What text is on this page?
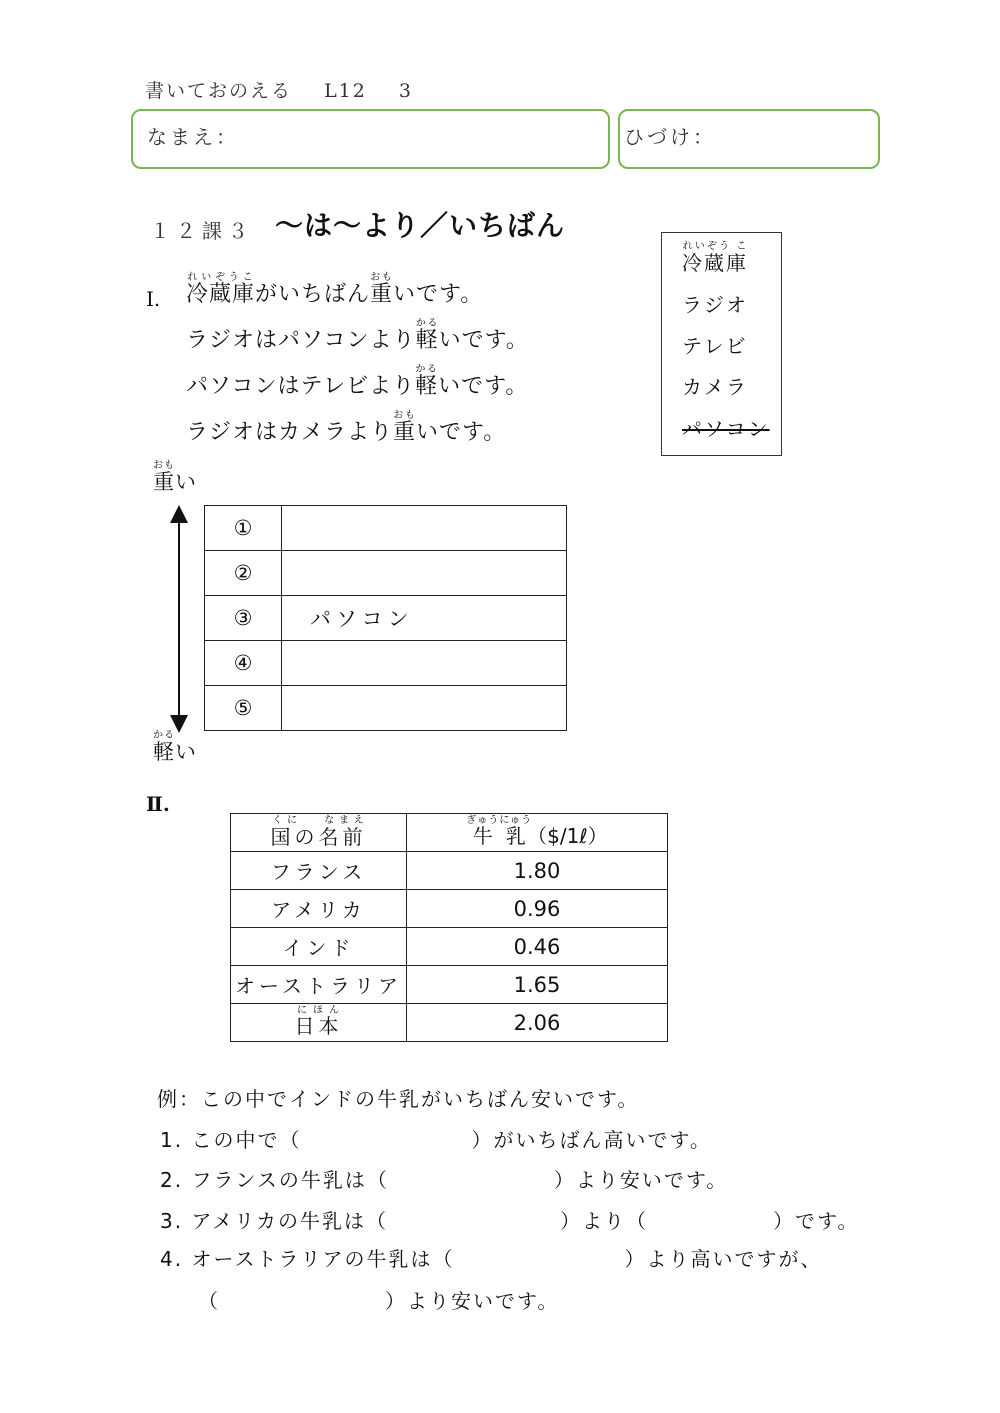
書いておのえる L12 3
なまえ：	ひづけ：
１２課３ ～は～より／いちばん
Ⅰ. 冷蔵庫れいぞうこがいちばん重おもいです。
ラジオはパソコンより軽かるいです。
パソコンはテレビより軽かるいです。
ラジオはカメラより重おもいです。
冷蔵庫れいぞう こ
ラジオ
テレビ
カメラ
パソコン
重おもい
軽かるい
①	
②	
③	パソコン
④	
⑤	
Ⅱ.
国の名前くに　 なまえ	牛乳ぎゅうにゅう（$/1ℓ）
フランス	1.80
アメリカ	0.96
インド	0.46
オーストラリア	1.65
日本にほん	2.06
例：この中でインドの牛乳がいちばん安いです。
1. この中で（	）がいちばん高いです。
2. フランスの牛乳は（	）より安いです。
3. アメリカの牛乳は（	）より（	）です。
4. オーストラリアの牛乳は（	）より高いですが、
（	）より安いです。
